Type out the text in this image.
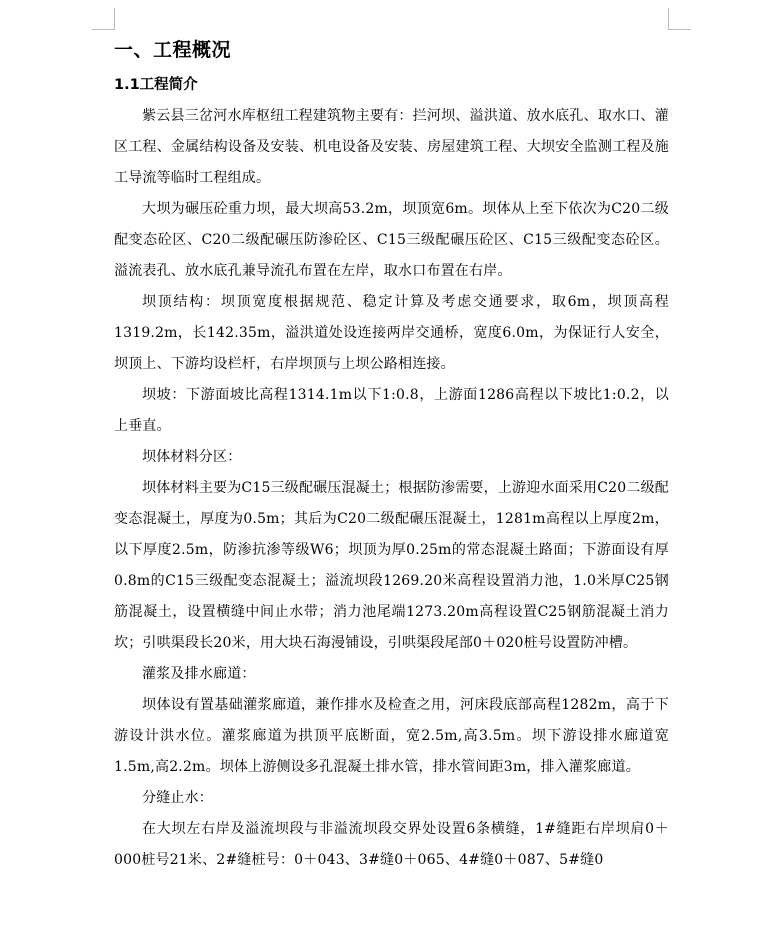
一、工程概况
1.1工程简介

紫云县三岔河水库枢纽工程建筑物主要有：拦河坝、溢洪道、放水底孔、取水口、灌区工程、金属结构设备及安装、机电设备及安装、房屋建筑工程、大坝安全监测工程及施工导流等临时工程组成。

大坝为碾压砼重力坝，最大坝高53.2m，坝顶宽6m。坝体从上至下依次为C20二级配变态砼区、C20二级配碾压防渗砼区、C15三级配碾压砼区、C15三级配变态砼区。溢流表孔、放水底孔兼导流孔布置在左岸，取水口布置在右岸。

坝顶结构：坝顶宽度根据规范、稳定计算及考虑交通要求，取6m，坝顶高程1319.2m，长142.35m，溢洪道处设连接两岸交通桥，宽度6.0m，为保证行人安全，坝顶上、下游均设栏杆，右岸坝顶与上坝公路相连接。

坝坡：下游面坡比高程1314.1m以下1:0.8，上游面1286高程以下坡比1:0.2，以上垂直。

坝体材料分区：

坝体材料主要为C15三级配碾压混凝土；根据防渗需要，上游迎水面采用C20二级配变态混凝土，厚度为0.5m；其后为C20二级配碾压混凝土，1281m高程以上厚度2m，以下厚度2.5m，防渗抗渗等级W6；坝顶为厚0.25m的常态混凝土路面；下游面设有厚0.8m的C15三级配变态混凝土；溢流坝段1269.20米高程设置消力池，1.0米厚C25钢筋混凝土，设置横缝中间止水带；消力池尾端1273.20m高程设置C25钢筋混凝土消力坎；引哄渠段长20米，用大块石海漫铺设，引哄渠段尾部0＋020桩号设置防冲槽。

灌浆及排水廊道：

坝体设有置基础灌浆廊道，兼作排水及检查之用，河床段底部高程1282m，高于下游设计洪水位。灌浆廊道为拱顶平底断面，宽2.5m,高3.5m。坝下游设排水廊道宽1.5m,高2.2m。坝体上游侧设多孔混凝土排水管，排水管间距3m，排入灌浆廊道。

分缝止水：

在大坝左右岸及溢流坝段与非溢流坝段交界处设置6条横缝，1#缝距右岸坝肩0＋000桩号21米、2#缝桩号：0＋043、3#缝0＋065、4#缝0＋087、5#缝0
